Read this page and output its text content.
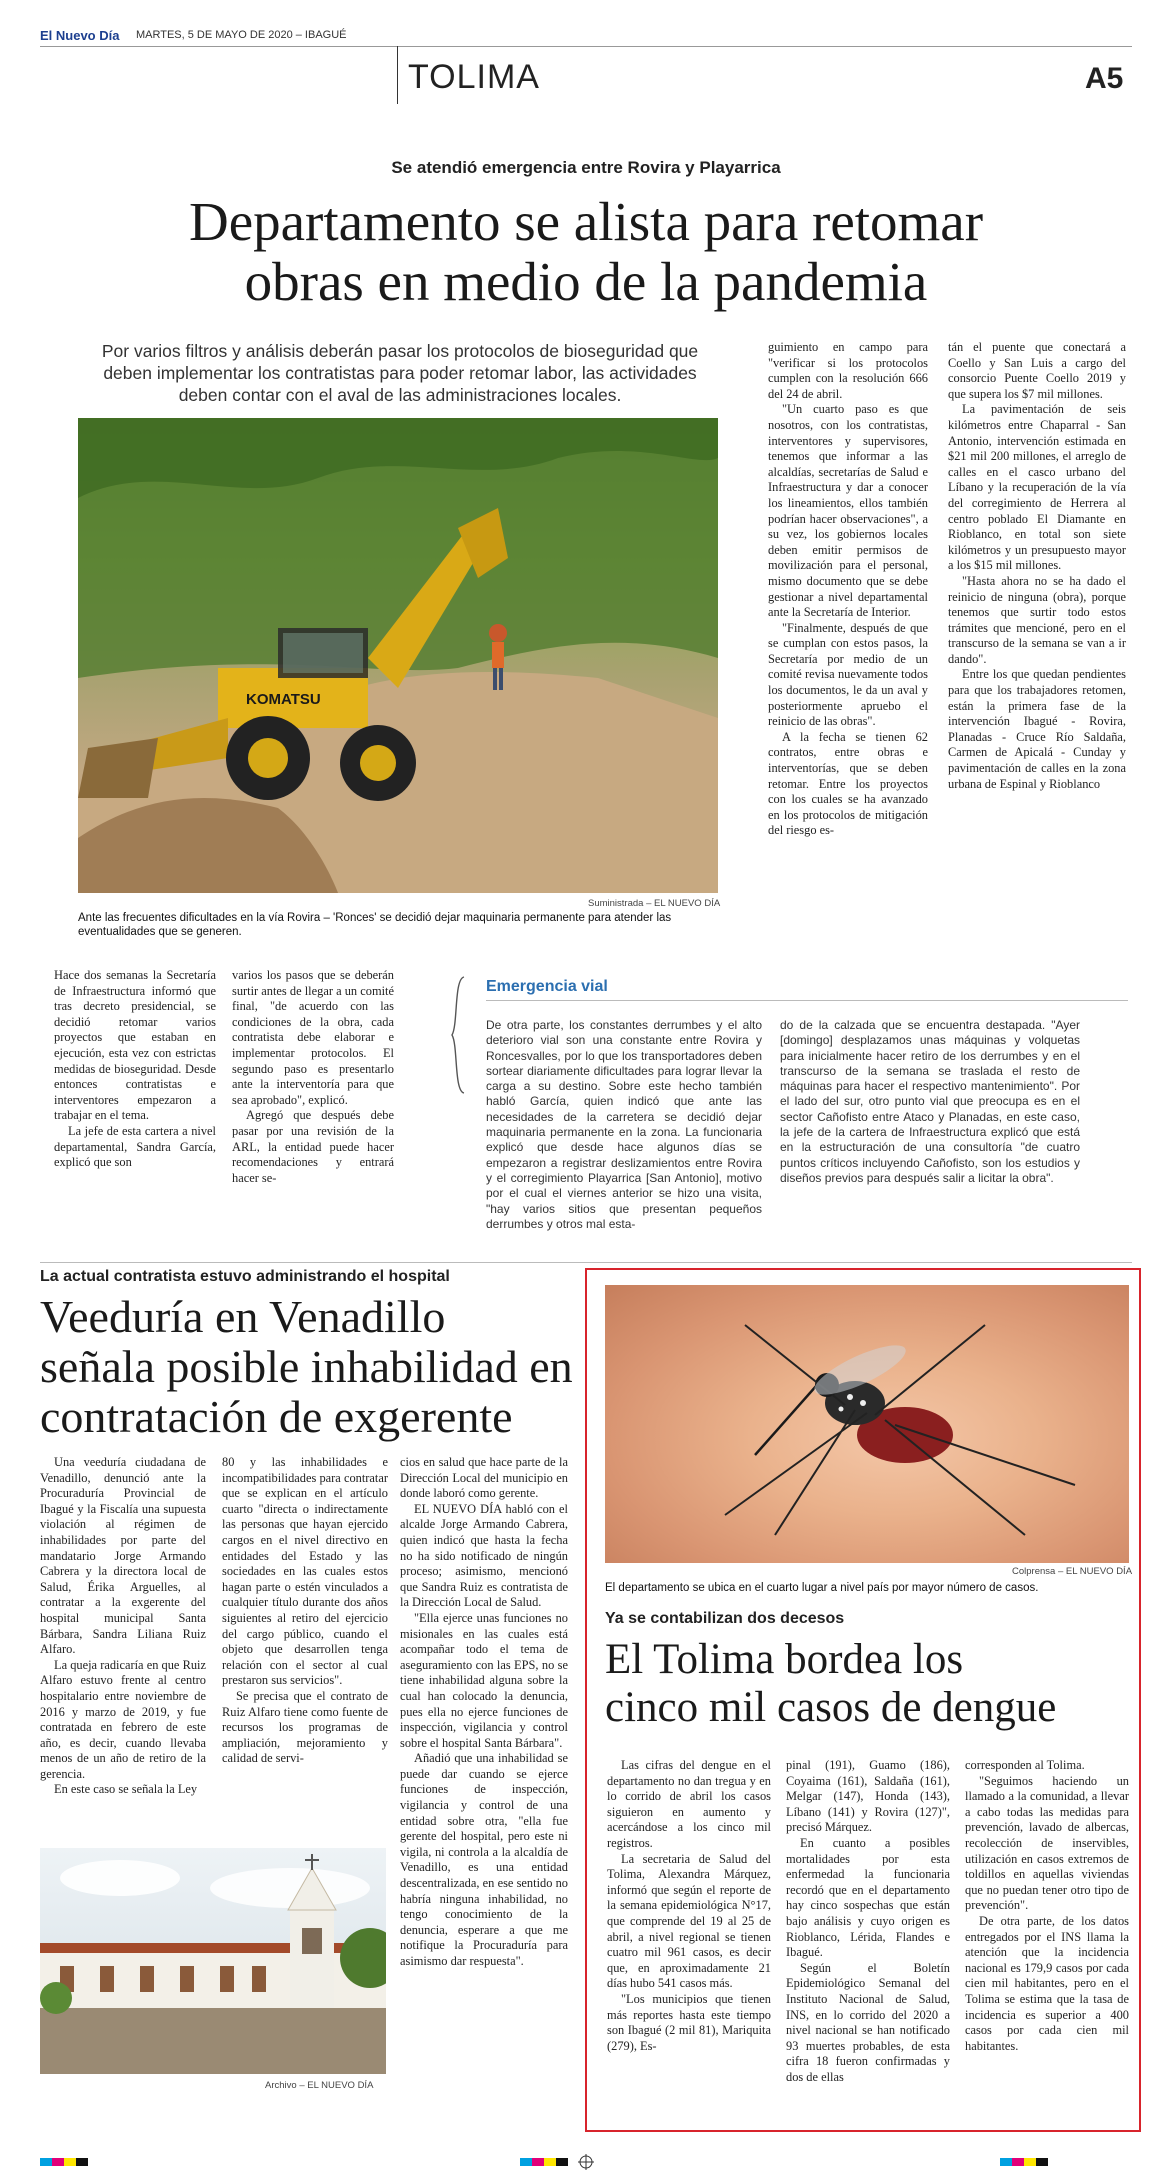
El Nuevo Día MARTES, 5 DE MAYO DE 2020 – IBAGUÉ
TOLIMA	A5
Se atendió emergencia entre Rovira y Playarrica
Departamento se alista para retomar
obras en medio de la pandemia
Por varios filtros y análisis deberán pasar los protocolos de bioseguridad que deben implementar los contratistas para poder retomar labor, las actividades deben contar con el aval de las administraciones locales.
KOMATSU
Suministrada – EL NUEVO DÍA
Ante las frecuentes dificultades en la vía Rovira – 'Ronces' se decidió dejar maquinaria permanente para atender las eventualidades que se generen.

guimiento en campo para "verificar si los protocolos cumplen con la resolución 666 del 24 de abril.

"Un cuarto paso es que nosotros, con los contratistas, interventores y supervisores, tenemos que informar a las alcaldías, secretarías de Salud e Infraestructura y dar a conocer los lineamientos, ellos también podrían hacer observaciones", a su vez, los gobiernos locales deben emitir permisos de movilización para el personal, mismo documento que se debe gestionar a nivel departamental ante la Secretaría de Interior.

"Finalmente, después de que se cumplan con estos pasos, la Secretaría por medio de un comité revisa nuevamente todos los documentos, le da un aval y posteriormente apruebo el reinicio de las obras".

A la fecha se tienen 62 contratos, entre obras e interventorías, que se deben retomar. Entre los proyectos con los cuales se ha avanzado en los protocolos de mitigación del riesgo es-

tán el puente que conectará a Coello y San Luis a cargo del consorcio Puente Coello 2019 y que supera los $7 mil millones.

La pavimentación de seis kilómetros entre Chaparral - San Antonio, intervención estimada en $21 mil 200 millones, el arreglo de calles en el casco urbano del Líbano y la recuperación de la vía del corregimiento de Herrera al centro poblado El Diamante en Rioblanco, en total son siete kilómetros y un presupuesto mayor a los $15 mil millones.

"Hasta ahora no se ha dado el reinicio de ninguna (obra), porque tenemos que surtir todo estos trámites que mencioné, pero en el transcurso de la semana se van a ir dando".

Entre los que quedan pendientes para que los trabajadores retomen, están la primera fase de la intervención Ibagué - Rovira, Planadas - Cruce Río Saldaña, Carmen de Apicalá - Cunday y pavimentación de calles en la zona urbana de Espinal y Rioblanco

Hace dos semanas la Secretaría de Infraestructura informó que tras decreto presidencial, se decidió retomar varios proyectos que estaban en ejecución, esta vez con estrictas medidas de bioseguridad. Desde entonces contratistas e interventores empezaron a trabajar en el tema.

La jefe de esta cartera a nivel departamental, Sandra García, explicó que son

varios los pasos que se deberán surtir antes de llegar a un comité final, "de acuerdo con las condiciones de la obra, cada contratista debe elaborar e implementar protocolos. El segundo paso es presentarlo ante la interventoría para que sea aprobado", explicó.

Agregó que después debe pasar por una revisión de la ARL, la entidad puede hacer recomendaciones y entrará hacer se-

Emergencia vial

De otra parte, los constantes derrumbes y el alto deterioro vial son una constante entre Rovira y Roncesvalles, por lo que los transportadores deben sortear diariamente dificultades para lograr llevar la carga a su destino. Sobre este hecho también habló García, quien indicó que ante las necesidades de la carretera se decidió dejar maquinaria permanente en la zona. La funcionaria explicó que desde hace algunos días se empezaron a registrar deslizamientos entre Rovira y el corregimiento Playarrica [San Antonio], motivo por el cual el viernes anterior se hizo una visita, "hay varios sitios que presentan pequeños derrumbes y otros mal esta-

do de la calzada que se encuentra destapada. "Ayer [domingo] desplazamos unas máquinas y volquetas para inicialmente hacer retiro de los derrumbes y en el transcurso de la semana se traslada el resto de máquinas para hacer el respectivo mantenimiento". Por el lado del sur, otro punto vial que preocupa es en el sector Cañofisto entre Ataco y Planadas, en este caso, la jefe de la cartera de Infraestructura explicó que está en la estructuración de una consultoría "de cuatro puntos críticos incluyendo Cañofisto, son los estudios y diseños previos para después salir a licitar la obra".

La actual contratista estuvo administrando el hospital
Veeduría en Venadillo
señala posible inhabilidad en
contratación de exgerente

Una veeduría ciudadana de Venadillo, denunció ante la Procuraduría Provincial de Ibagué y la Fiscalía una supuesta violación al régimen de inhabilidades por parte del mandatario Jorge Armando Cabrera y la directora local de Salud, Érika Arguelles, al contratar a la exgerente del hospital municipal Santa Bárbara, Sandra Liliana Ruiz Alfaro.

La queja radicaría en que Ruiz Alfaro estuvo frente al centro hospitalario entre noviembre de 2016 y marzo de 2019, y fue contratada en febrero de este año, es decir, cuando llevaba menos de un año de retiro de la gerencia.

En este caso se señala la Ley

80 y las inhabilidades e incompatibilidades para contratar que se explican en el artículo cuarto "directa o indirectamente las personas que hayan ejercido cargos en el nivel directivo en entidades del Estado y las sociedades en las cuales estos hagan parte o estén vinculados a cualquier título durante dos años siguientes al retiro del ejercicio del cargo público, cuando el objeto que desarrollen tenga relación con el sector al cual prestaron sus servicios".

Se precisa que el contrato de Ruiz Alfaro tiene como fuente de recursos los programas de ampliación, mejoramiento y calidad de servi-

cios en salud que hace parte de la Dirección Local del municipio en donde laboró como gerente.

EL NUEVO DÍA habló con el alcalde Jorge Armando Cabrera, quien indicó que hasta la fecha no ha sido notificado de ningún proceso; asimismo, mencionó que Sandra Ruiz es contratista de la Dirección Local de Salud.

"Ella ejerce unas funciones no misionales en las cuales está acompañar todo el tema de aseguramiento con las EPS, no se tiene inhabilidad alguna sobre la cual han colocado la denuncia, pues ella no ejerce funciones de inspección, vigilancia y control sobre el hospital Santa Bárbara".

Añadió que una inhabilidad se puede dar cuando se ejerce funciones de inspección, vigilancia y control de una entidad sobre otra, "ella fue gerente del hospital, pero este ni vigila, ni controla a la alcaldía de Venadillo, es una entidad descentralizada, en ese sentido no habría ninguna inhabilidad, no tengo conocimiento de la denuncia, esperare a que me notifique la Procuraduría para asimismo dar respuesta".

Archivo – EL NUEVO DÍA
Colprensa – EL NUEVO DÍA
El departamento se ubica en el cuarto lugar a nivel país por mayor número de casos.
Ya se contabilizan dos decesos
El Tolima bordea los
cinco mil casos de dengue

Las cifras del dengue en el departamento no dan tregua y en lo corrido de abril los casos siguieron en aumento y acercándose a los cinco mil registros.

La secretaria de Salud del Tolima, Alexandra Márquez, informó que según el reporte de la semana epidemiológica N°17, que comprende del 19 al 25 de abril, a nivel regional se tienen cuatro mil 961 casos, es decir que, en aproximadamente 21 días hubo 541 casos más.

"Los municipios que tienen más reportes hasta este tiempo son Ibagué (2 mil 81), Mariquita (279), Es-

pinal (191), Guamo (186), Coyaima (161), Saldaña (161), Melgar (147), Honda (143), Líbano (141) y Rovira (127)", precisó Márquez.

En cuanto a posibles mortalidades por esta enfermedad la funcionaria recordó que en el departamento hay cinco sospechas que están bajo análisis y cuyo origen es Rioblanco, Lérida, Flandes e Ibagué.

Según el Boletín Epidemiológico Semanal del Instituto Nacional de Salud, INS, en lo corrido del 2020 a nivel nacional se han notificado 93 muertes probables, de esta cifra 18 fueron confirmadas y dos de ellas

corresponden al Tolima.

"Seguimos haciendo un llamado a la comunidad, a llevar a cabo todas las medidas para prevención, lavado de albercas, recolección de inservibles, utilización en casos extremos de toldillos en aquellas viviendas que no puedan tener otro tipo de prevención".

De otra parte, de los datos entregados por el INS llama la atención que la incidencia nacional es 179,9 casos por cada cien mil habitantes, pero en el Tolima se estima que la tasa de incidencia es superior a 400 casos por cada cien mil habitantes.
